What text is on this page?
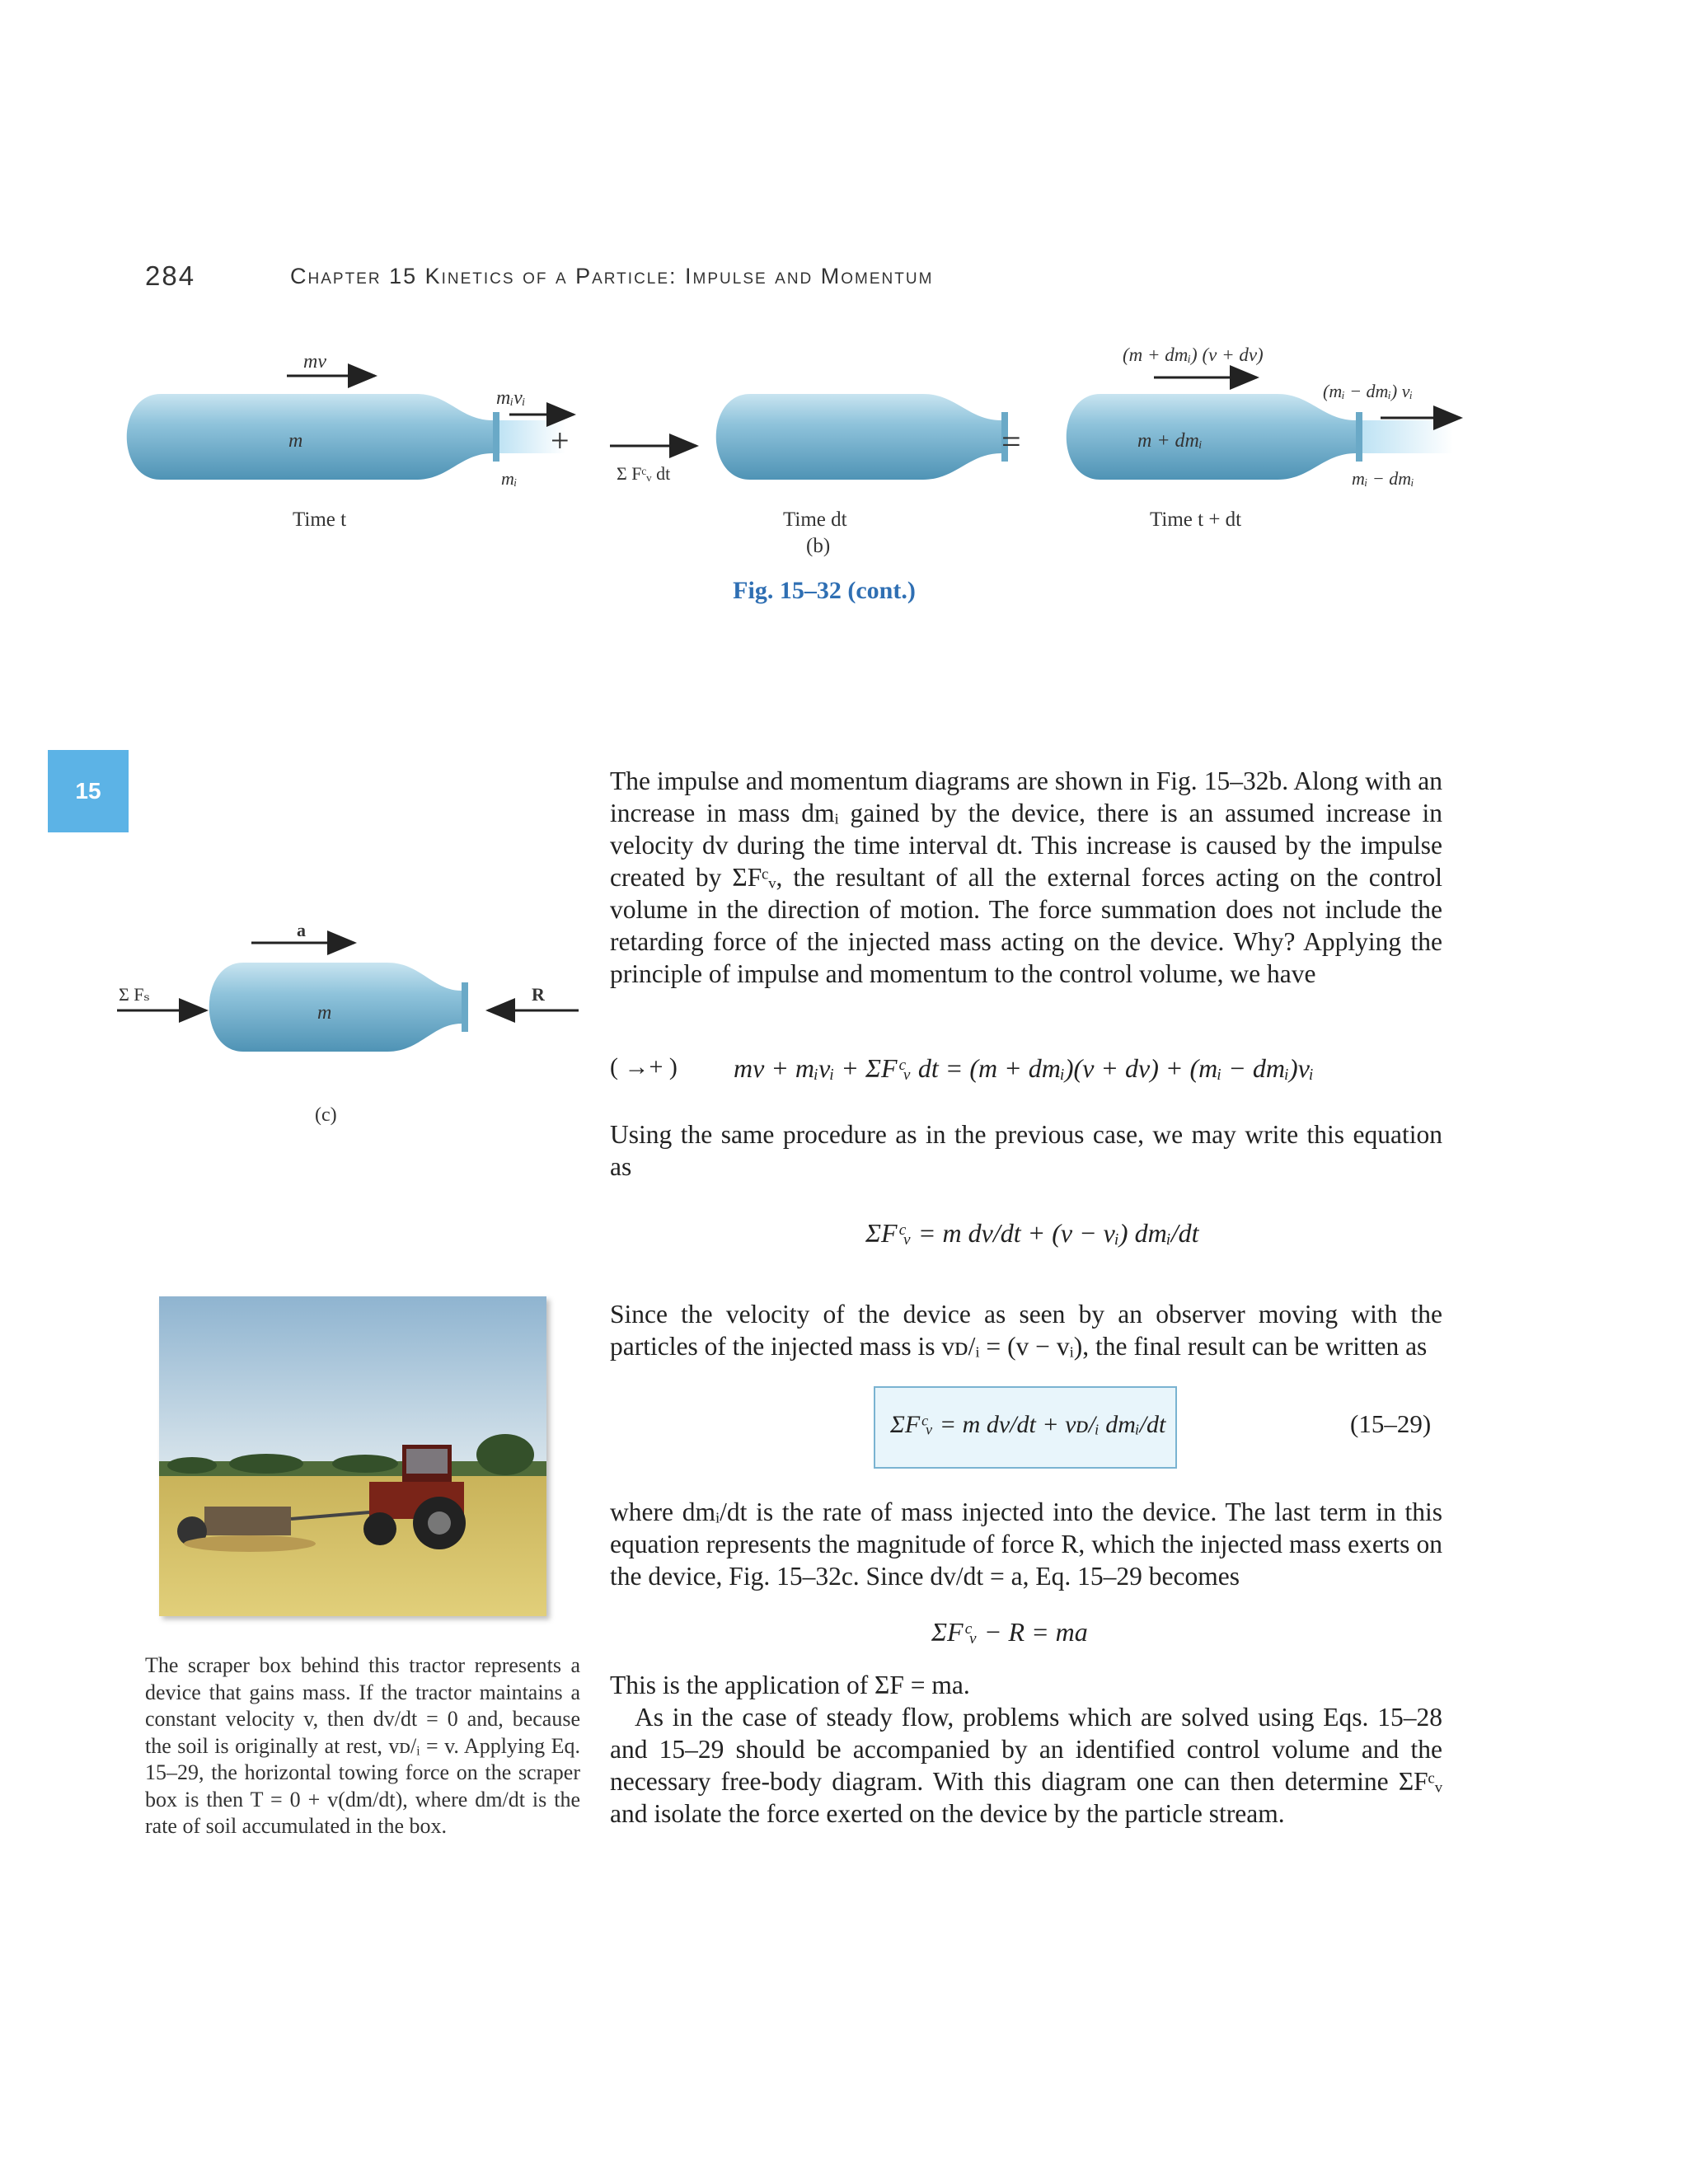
284	Chapter 15 Kinetics of a Particle: Impulse and Momentum
m
mv
mᵢvᵢ
mᵢ
Time t
+
Σ Fᶜᵥ dt
Time dt
(b)
=	m + dmᵢ
(m + dmᵢ) (v + dv)
(mᵢ − dmᵢ) vᵢ
mᵢ − dmᵢ
Time t + dt
Fig. 15–32 (cont.)
15
a
m
Σ Fₛ	R
(c)
The scraper box behind this tractor represents a device that gains mass. If the tractor maintains a constant velocity v, then dv/dt = 0 and, because the soil is originally at rest, vᴅ/ᵢ = v. Applying Eq. 15–29, the horizontal towing force on the scraper box is then T = 0 + v(dm/dt), where dm/dt is the rate of soil accumulated in the box.
The impulse and momentum diagrams are shown in Fig. 15–32b. Along with an increase in mass dmᵢ gained by the device, there is an assumed increase in velocity dv during the time interval dt. This increase is caused by the impulse created by ΣFᶜᵥ, the resultant of all the external forces acting on the control volume in the direction of motion. The force summation does not include the retarding force of the injected mass acting on the device. Why? Applying the principle of impulse and momentum to the control volume, we have
( →+ ) mv + mᵢvᵢ + ΣFᶜᵥ dt = (m + dmᵢ)(v + dv) + (mᵢ − dmᵢ)vᵢ
Using the same procedure as in the previous case, we may write this equation as
ΣFᶜᵥ = m dv/dt + (v − vᵢ) dmᵢ/dt
Since the velocity of the device as seen by an observer moving with the particles of the injected mass is vᴅ/ᵢ = (v − vᵢ), the final result can be written as
ΣFᶜᵥ = m dv/dt + vᴅ/ᵢ dmᵢ/dt	(15–29)
where dmᵢ/dt is the rate of mass injected into the device. The last term in this equation represents the magnitude of force R, which the injected mass exerts on the device, Fig. 15–32c. Since dv/dt = a, Eq. 15–29 becomes
ΣFᶜᵥ − R = ma
This is the application of ΣF = ma.
As in the case of steady flow, problems which are solved using Eqs. 15–28 and 15–29 should be accompanied by an identified control volume and the necessary free-body diagram. With this diagram one can then determine ΣFᶜᵥ and isolate the force exerted on the device by the particle stream.
